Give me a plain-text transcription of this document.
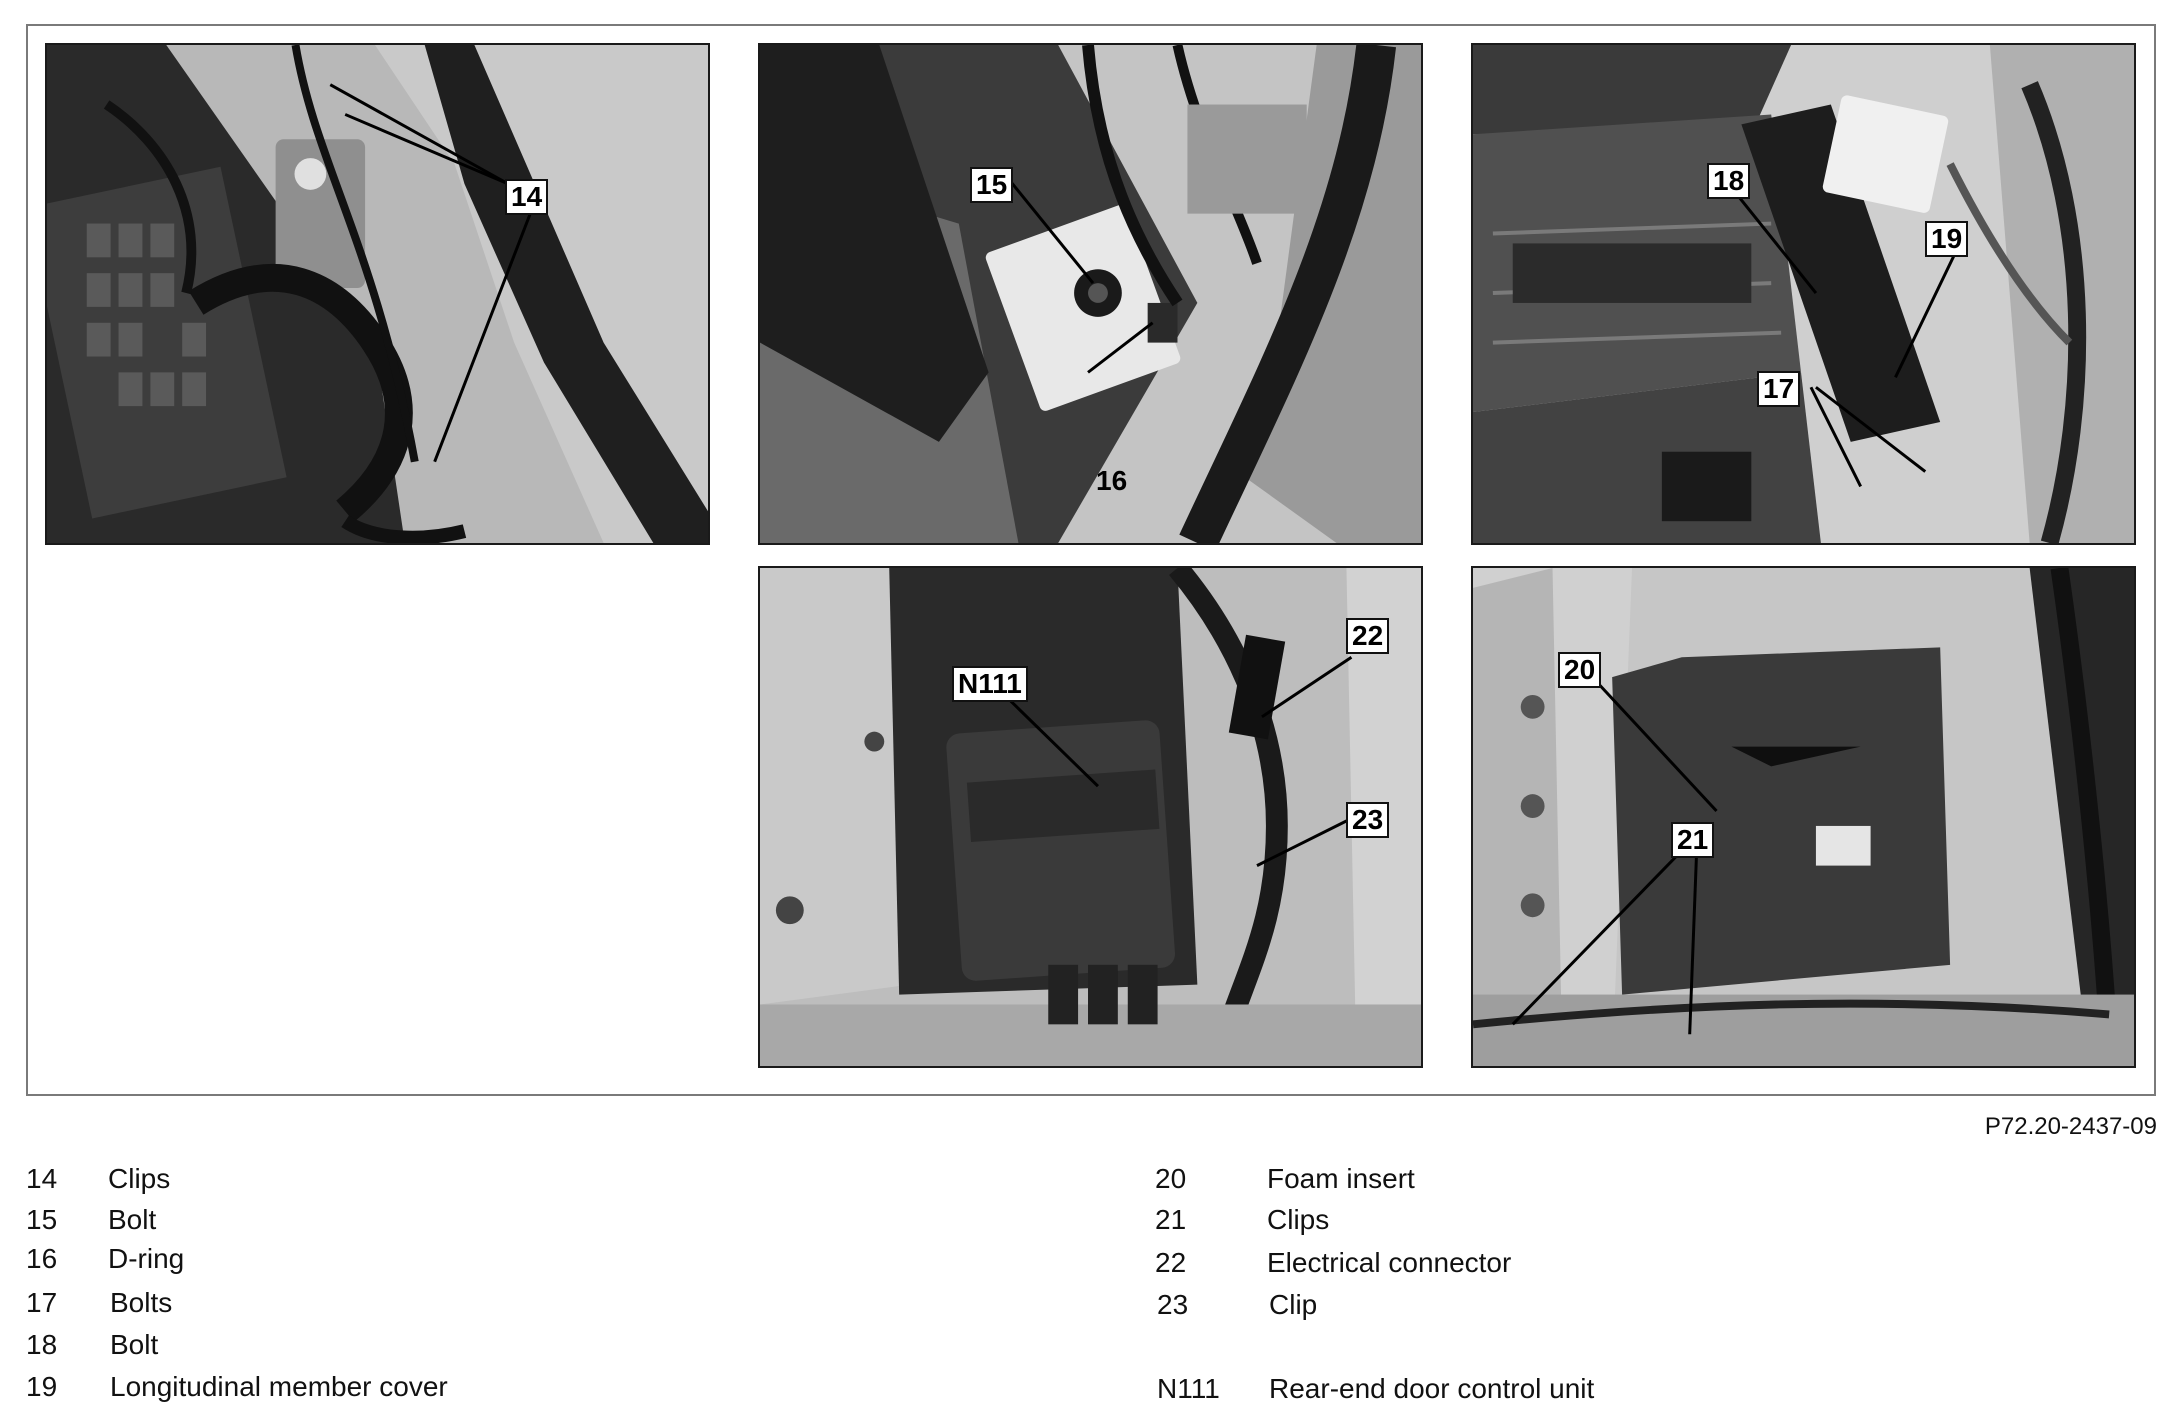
14	15
16
18
19
17
N111
22
23
20
21
P72.20-2437-09
14 Clips
15 Bolt
16 D-ring
17 Bolts
18 Bolt
19 Longitudinal member cover
20	Foam insert
21	Clips
22	Electrical connector
23	Clip
N111 Rear-end door control unit
